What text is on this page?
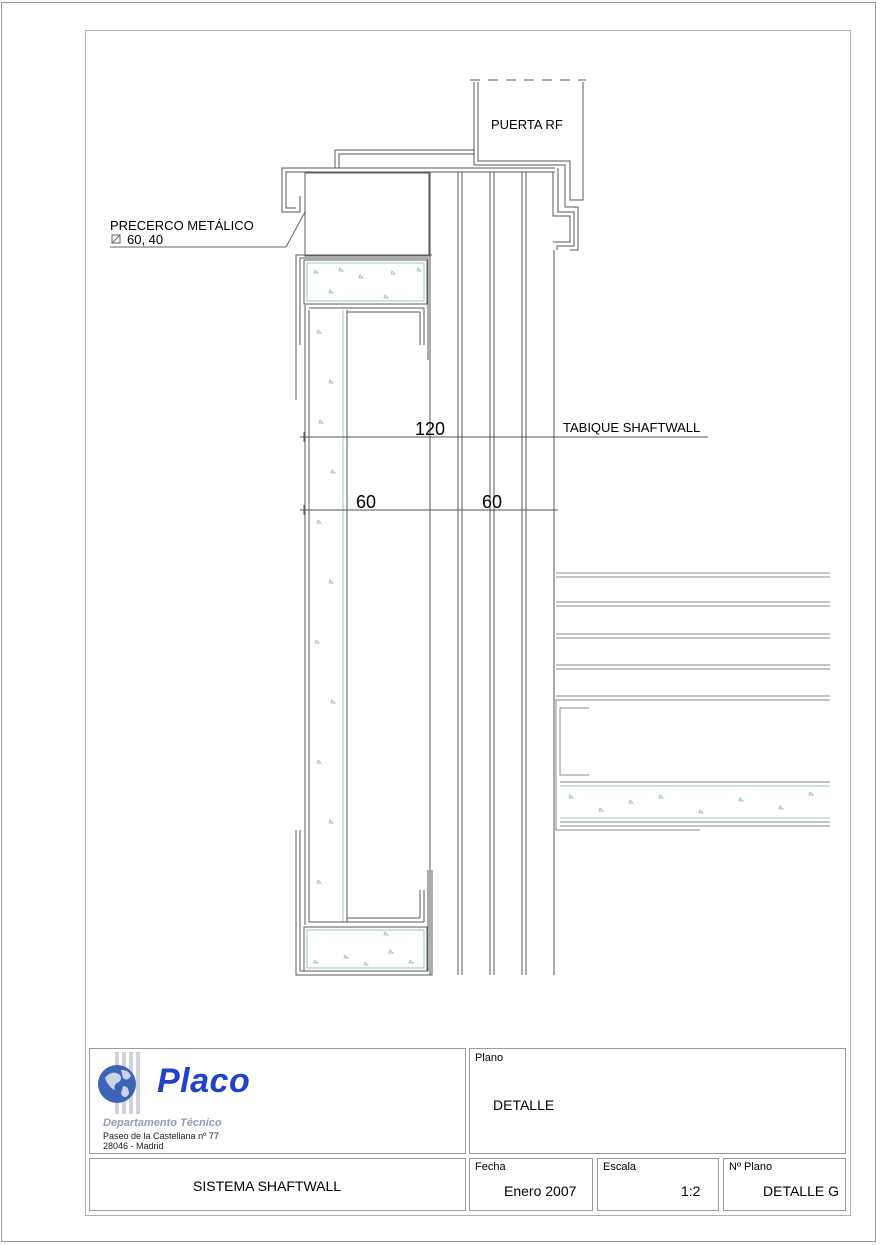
PUERTA RF
PRECERCO METÁLICO
60, 40
TABIQUE SHAFTWALL
120
60	60
Placo
Departamento Técnico
Paseo de la Castellana nº 77
28046 - Madrid
Plano
DETALLE
SISTEMA SHAFTWALL
Fecha
Enero 2007
Escala
1:2
Nº Plano
DETALLE G
